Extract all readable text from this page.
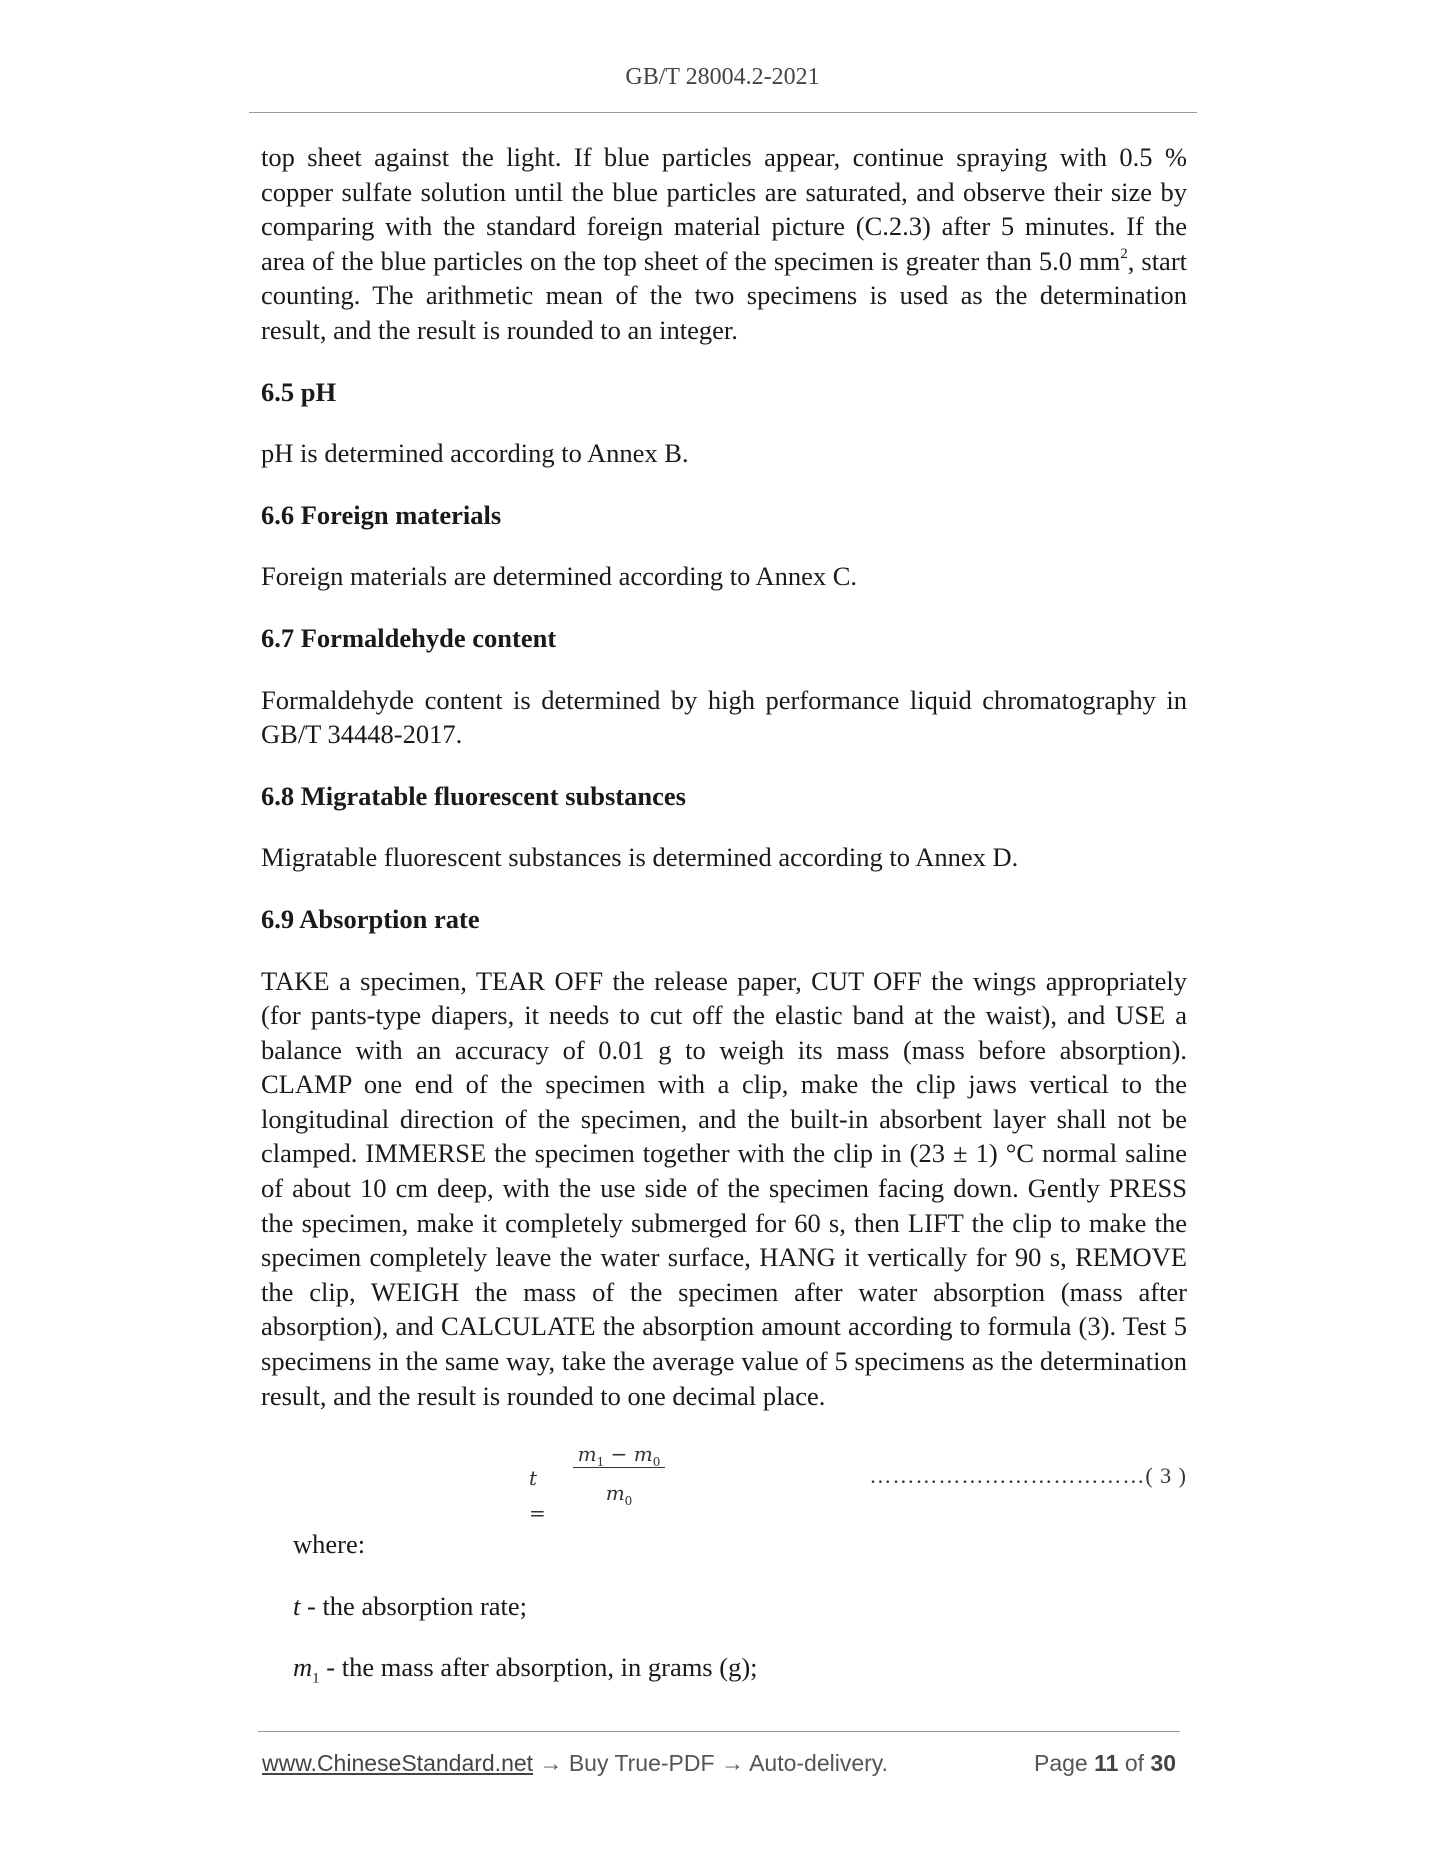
GB/T 28004.2-2021

top sheet against the light. If blue particles appear, continue spraying with 0.5 % copper sulfate solution until the blue particles are saturated, and observe their size by comparing with the standard foreign material picture (C.2.3) after 5 minutes. If the area of the blue particles on the top sheet of the specimen is greater than 5.0 $mm^2$, start counting. The arithmetic mean of the two specimens is used as the determination result, and the result is rounded to an integer.

6.5 pH

pH is determined according to Annex B.

6.6 Foreign materials

Foreign materials are determined according to Annex C.

6.7 Formaldehyde content

Formaldehyde content is determined by high performance liquid chromatography in GB/T 34448-2017.

6.8 Migratable fluorescent substances

Migratable fluorescent substances is determined according to Annex D.

6.9 Absorption rate

TAKE a specimen, TEAR OFF the release paper, CUT OFF the wings appropriately (for pants-type diapers, it needs to cut off the elastic band at the waist), and USE a balance with an accuracy of 0.01 g to weigh its mass (mass before absorption). CLAMP one end of the specimen with a clip, make the clip jaws vertical to the longitudinal direction of the specimen, and the built-in absorbent layer shall not be clamped. IMMERSE the specimen together with the clip in (23 ± 1) °C normal saline of about 10 cm deep, with the use side of the specimen facing down. Gently PRESS the specimen, make it completely submerged for 60 s, then LIFT the clip to make the specimen completely leave the water surface, HANG it vertically for 90 s, REMOVE the clip, WEIGH the mass of the specimen after water absorption (mass after absorption), and CALCULATE the absorption amount according to formula (3). Test 5 specimens in the same way, take the average value of 5 specimens as the determination result, and the result is rounded to one decimal place.

t =
$m_1 - m_0$
$m_0$
………………………………( 3 )

where:

t - the absorption rate;

$m_1$ - the mass after absorption, in grams (g);

www.ChineseStandard.net → Buy True-PDF → Auto-delivery.	Page 11 of 30
